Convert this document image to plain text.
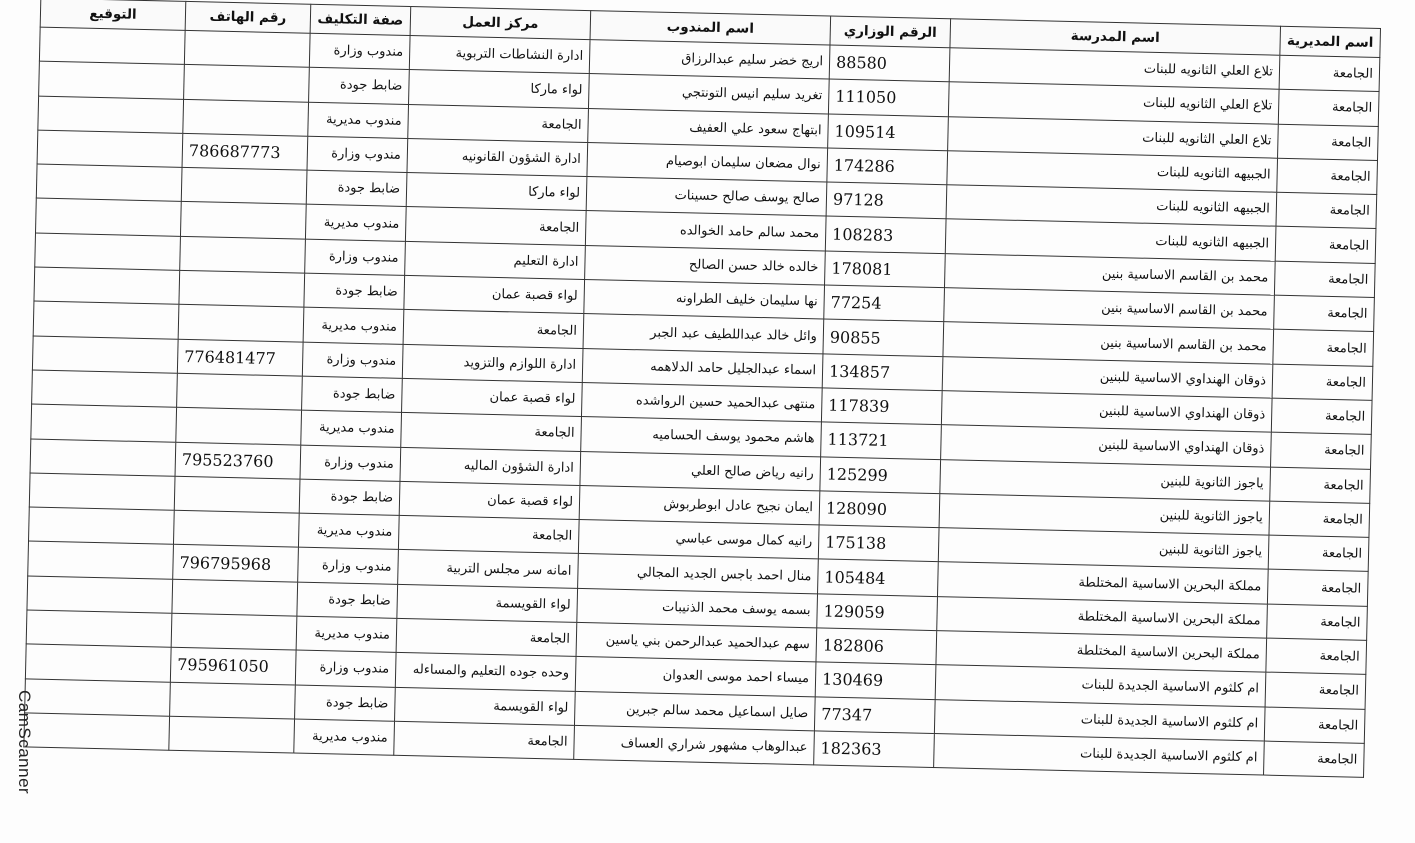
اسم المديرية	اسم المدرسة	الرقم الوزاري	اسم المندوب	مركز العمل	صفة التكليف	رقم الهاتف	التوقيع
الجامعة	تلاع العلي الثانويه للبنات	88580	اريج خضر سليم عبدالرزاق	ادارة النشاطات التربوية	مندوب وزارة		
الجامعة	تلاع العلي الثانويه للبنات	111050	تغريد سليم انيس التونتجي	لواء ماركا	ضابط جودة		
الجامعة	تلاع العلي الثانويه للبنات	109514	ابتهاج سعود علي العفيف	الجامعة	مندوب مديرية		
الجامعة	الجبيهه الثانويه للبنات	174286	نوال مضعان سليمان ابوصيام	ادارة الشؤون القانونيه	مندوب وزارة	786687773	
الجامعة	الجبيهه الثانويه للبنات	97128	صالح يوسف صالح حسينات	لواء ماركا	ضابط جودة		
الجامعة	الجبيهه الثانويه للبنات	108283	محمد سالم حامد الخوالده	الجامعة	مندوب مديرية		
الجامعة	محمد بن القاسم الاساسية بنين	178081	خالده خالد حسن الصالح	ادارة التعليم	مندوب وزارة		
الجامعة	محمد بن القاسم الاساسية بنين	77254	نها سليمان خليف الطراونه	لواء قصبة عمان	ضابط جودة		
الجامعة	محمد بن القاسم الاساسية بنين	90855	وائل خالد عبداللطيف عبد الجبر	الجامعة	مندوب مديرية		
الجامعة	ذوقان الهنداوي الاساسية للبنين	134857	اسماء عبدالجليل حامد الدلاهمه	ادارة اللوازم والتزويد	مندوب وزارة	776481477	
الجامعة	ذوقان الهنداوي الاساسية للبنين	117839	منتهى عبدالحميد حسين الرواشده	لواء قصبة عمان	ضابط جودة		
الجامعة	ذوقان الهنداوي الاساسية للبنين	113721	هاشم محمود يوسف الحساميه	الجامعة	مندوب مديرية		
الجامعة	ياجوز الثانوية للبنين	125299	رانيه رياض صالح العلي	ادارة الشؤون الماليه	مندوب وزارة	795523760	
الجامعة	ياجوز الثانوية للبنين	128090	ايمان نجيح عادل ابوطربوش	لواء قصبة عمان	ضابط جودة		
الجامعة	ياجوز الثانوية للبنين	175138	رانيه كمال موسى عباسي	الجامعة	مندوب مديرية		
الجامعة	مملكة البحرين الاساسية المختلطة	105484	منال احمد باجس الجديد المجالي	امانه سر مجلس التربية	مندوب وزارة	796795968	
الجامعة	مملكة البحرين الاساسية المختلطة	129059	بسمه يوسف محمد الذنيبات	لواء القويسمة	ضابط جودة		
الجامعة	مملكة البحرين الاساسية المختلطة	182806	سهم عبدالحميد عبدالرحمن بني ياسين	الجامعة	مندوب مديرية		
الجامعة	ام كلثوم الاساسية الجديدة للبنات	130469	ميساء احمد موسى العدوان	وحده جوده التعليم والمساءله	مندوب وزارة	795961050	
الجامعة	ام كلثوم الاساسية الجديدة للبنات	77347	صايل اسماعيل محمد سالم جبرين	لواء القويسمة	ضابط جودة		
الجامعة	ام كلثوم الاساسية الجديدة للبنات	182363	عبدالوهاب مشهور شراري العساف	الجامعة	مندوب مديرية		
CamScanner
